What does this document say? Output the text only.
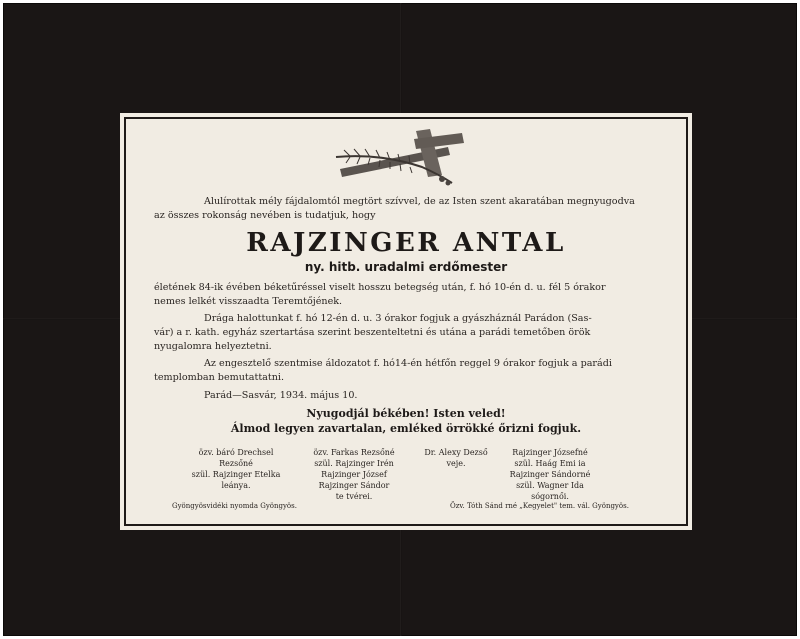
Alulírottak mély fájdalomtól megtört szívvel, de az Isten szent akaratában megnyugodva
az összes rokonság nevében is tudatjuk, hogy
RAJZINGER ANTAL
ny. hitb. uradalmi erdőmester
életének 84-ik évében béketűréssel viselt hosszu betegség után, f. hó 10-én d. u. fél 5 órakor
nemes lelkét visszaadta Teremtőjének.
Drága halottunkat f. hó 12-én d. u. 3 órakor fogjuk a gyászháznál Parádon (Sas-
vár) a r. kath. egyház szertartása szerint beszenteltetni és utána a parádi temetőben örök
nyugalomra helyeztetni.
Az engesztelő szentmise áldozatot f. hó14-én hétfőn reggel 9 órakor fogjuk a parádi
templomban bemutattatni.
Parád—Sasvár, 1934. május 10.
Nyugodjál békében! Isten veled!
Álmod legyen zavartalan, emléked örrökké őrizni fogjuk.
özv. báró Drechsel Rezsőné
szül. Rajzinger Etelka
leánya.
özv. Farkas Rezsőné
szül. Rajzinger Irén
Rajzinger József
Rajzinger Sándor
te tvérei.
Dr. Alexy Dezső
veje.
Rajzinger Józsefné
szül. Haág Emi ia
Rajzinger Sándorné
szül. Wagner Ida
sógornői.
Gyöngyösvidéki nyomda Gyöngyös.	Özv. Tóth Sánd rné „Kegyelet" tem. vál. Gyöngyös.
